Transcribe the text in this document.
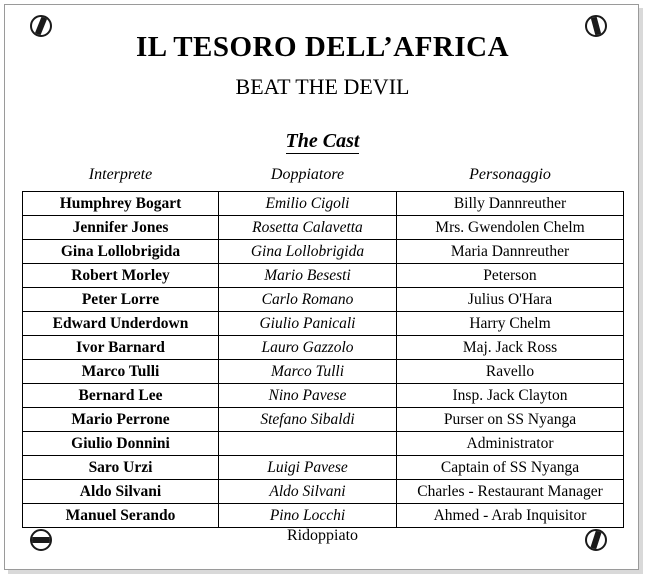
IL TESORO DELL’AFRICA
BEAT THE DEVIL
The Cast
Interprete	Doppiatore	Personaggio
Humphrey Bogart	Emilio Cigoli	Billy Dannreuther
Jennifer Jones	Rosetta Calavetta	Mrs. Gwendolen Chelm
Gina Lollobrigida	Gina Lollobrigida	Maria Dannreuther
Robert Morley	Mario Besesti	Peterson
Peter Lorre	Carlo Romano	Julius O'Hara
Edward Underdown	Giulio Panicali	Harry Chelm
Ivor Barnard	Lauro Gazzolo	Maj. Jack Ross
Marco Tulli	Marco Tulli	Ravello
Bernard Lee	Nino Pavese	Insp. Jack Clayton
Mario Perrone	Stefano Sibaldi	Purser on SS Nyanga
Giulio Donnini		Administrator
Saro Urzi	Luigi Pavese	Captain of SS Nyanga
Aldo Silvani	Aldo Silvani	Charles - Restaurant Manager
Manuel Serando	Pino Locchi	Ahmed - Arab Inquisitor
Ridoppiato
